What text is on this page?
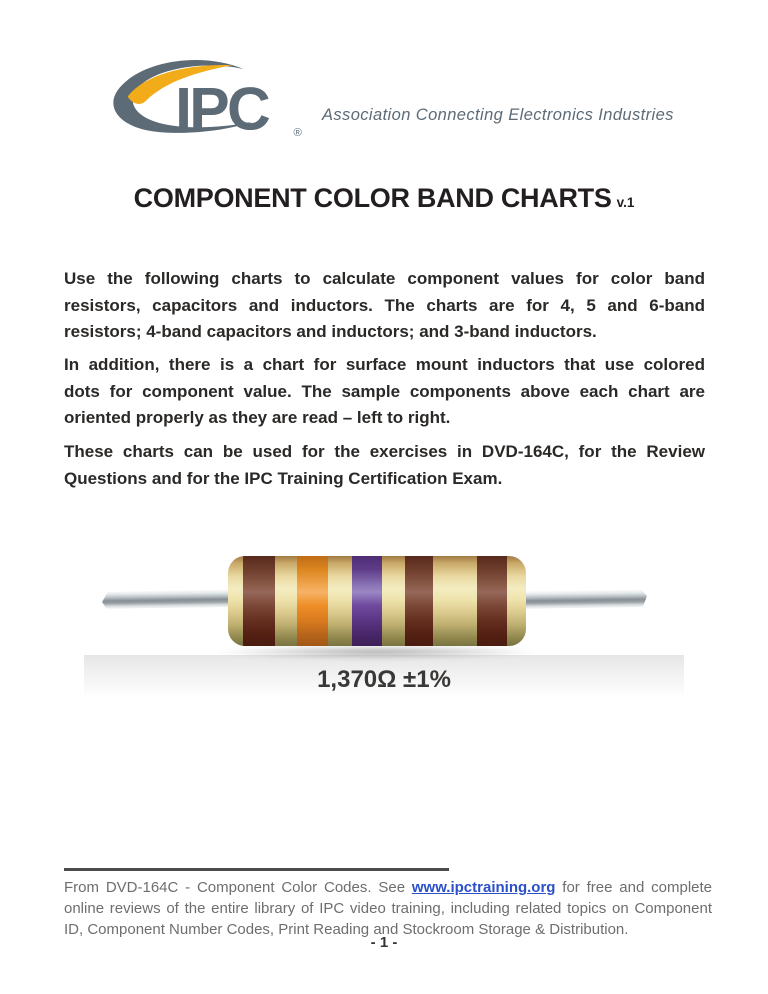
IPC ®
Association Connecting Electronics Industries
COMPONENT COLOR BAND CHARTS v.1
Use the following charts to calculate component values for color band
resistors, capacitors and inductors. The charts are for 4, 5 and 6-band
resistors; 4-band capacitors and inductors; and 3-band inductors.
In addition, there is a chart for surface mount inductors that use colored
dots for component value. The sample components above each chart are
oriented properly as they are read – left to right.
These charts can be used for the exercises in DVD-164C, for the Review
Questions and for the IPC Training Certification Exam.
1,370Ω ±1%
From DVD-164C - Component Color Codes. See www.ipctraining.org for free and complete online reviews of the entire library of IPC video training, including related topics on Component ID, Component Number Codes, Print Reading and Stockroom Storage & Distribution.
- 1 -
